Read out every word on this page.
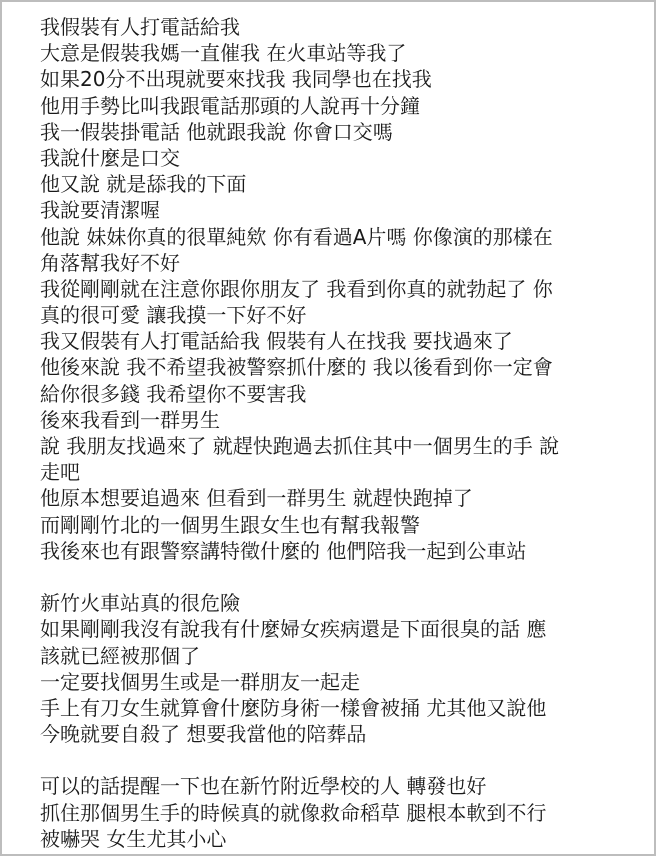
我假裝有人打電話給我
大意是假裝我媽一直催我 在火車站等我了
如果20分不出現就要來找我 我同學也在找我
他用手勢比叫我跟電話那頭的人說再十分鐘
我一假裝掛電話 他就跟我說 你會口交嗎
我說什麼是口交
他又說 就是舔我的下面
我說要清潔喔
他說 妹妹你真的很單純欸 你有看過A片嗎 你像演的那樣在
角落幫我好不好
我從剛剛就在注意你跟你朋友了 我看到你真的就勃起了 你
真的很可愛 讓我摸一下好不好
我又假裝有人打電話給我 假裝有人在找我 要找過來了
他後來說 我不希望我被警察抓什麼的 我以後看到你一定會
給你很多錢 我希望你不要害我
後來我看到一群男生
說 我朋友找過來了 就趕快跑過去抓住其中一個男生的手 說
走吧
他原本想要追過來 但看到一群男生 就趕快跑掉了
而剛剛竹北的一個男生跟女生也有幫我報警
我後來也有跟警察講特徵什麼的 他們陪我一起到公車站
新竹火車站真的很危險
如果剛剛我沒有說我有什麼婦女疾病還是下面很臭的話 應
該就已經被那個了
一定要找個男生或是一群朋友一起走
手上有刀女生就算會什麼防身術一樣會被捅 尤其他又說他
今晚就要自殺了 想要我當他的陪葬品
可以的話提醒一下也在新竹附近學校的人 轉發也好
抓住那個男生手的時候真的就像救命稻草 腿根本軟到不行
被嚇哭 女生尤其小心
